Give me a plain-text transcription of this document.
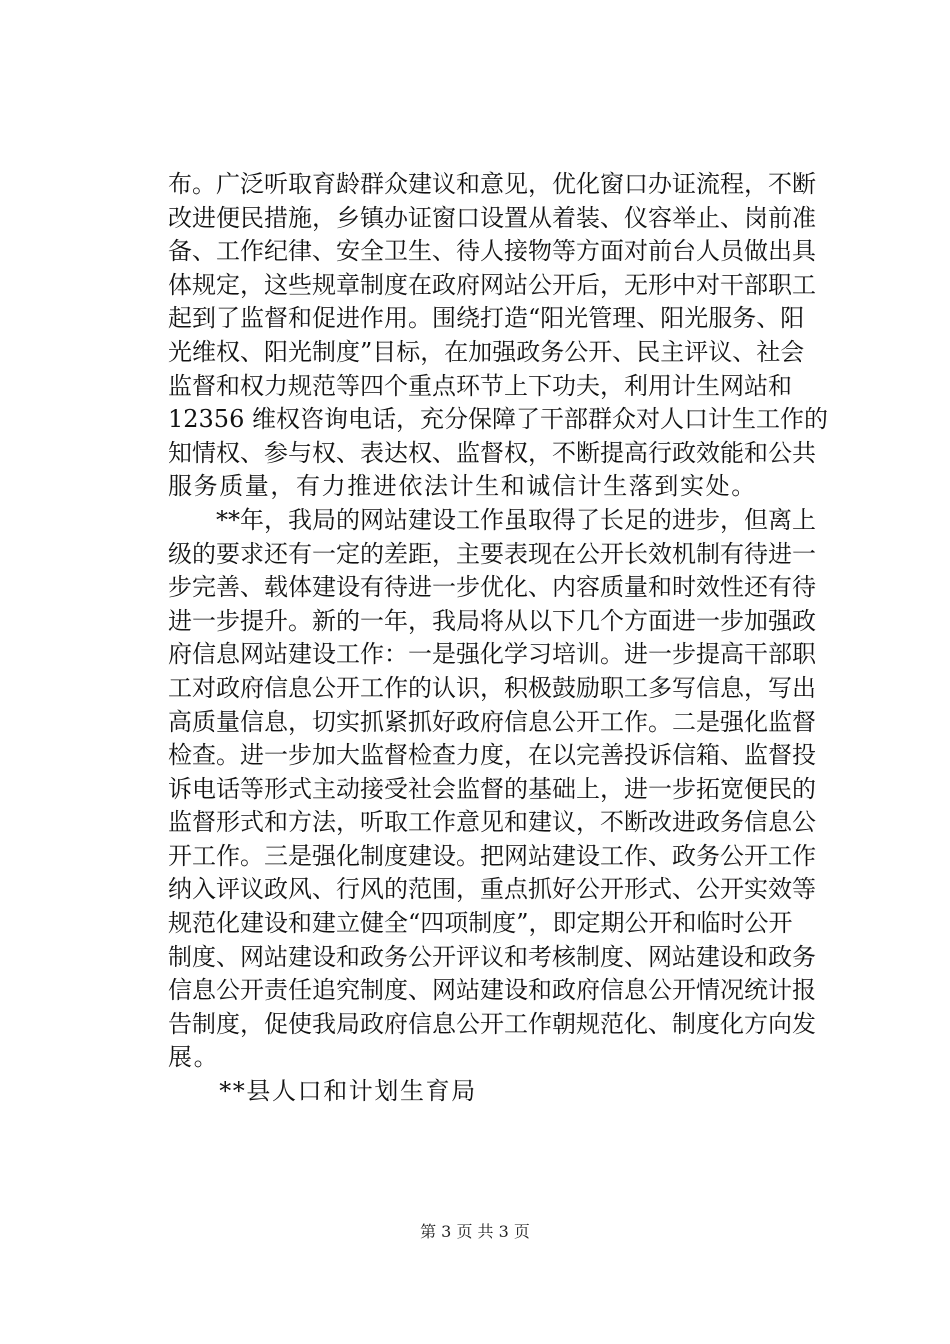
布。广泛听取育龄群众建议和意见，优化窗口办证流程，不断
改进便民措施，乡镇办证窗口设置从着装、仪容举止、岗前准
备、工作纪律、安全卫生、待人接物等方面对前台人员做出具
体规定，这些规章制度在政府网站公开后，无形中对干部职工
起到了监督和促进作用。围绕打造“阳光管理、阳光服务、阳
光维权、阳光制度”目标，在加强政务公开、民主评议、社会
监督和权力规范等四个重点环节上下功夫，利用计生网站和
12356 维权咨询电话，充分保障了干部群众对人口计生工作的
知情权、参与权、表达权、监督权，不断提高行政效能和公共
服务质量，有力推进依法计生和诚信计生落到实处。
　　**年，我局的网站建设工作虽取得了长足的进步，但离上
级的要求还有一定的差距，主要表现在公开长效机制有待进一
步完善、载体建设有待进一步优化、内容质量和时效性还有待
进一步提升。新的一年，我局将从以下几个方面进一步加强政
府信息网站建设工作：一是强化学习培训。进一步提高干部职
工对政府信息公开工作的认识，积极鼓励职工多写信息，写出
高质量信息，切实抓紧抓好政府信息公开工作。二是强化监督
检查。进一步加大监督检查力度，在以完善投诉信箱、监督投
诉电话等形式主动接受社会监督的基础上，进一步拓宽便民的
监督形式和方法，听取工作意见和建议，不断改进政务信息公
开工作。三是强化制度建设。把网站建设工作、政务公开工作
纳入评议政风、行风的范围，重点抓好公开形式、公开实效等
规范化建设和建立健全“四项制度”，即定期公开和临时公开
制度、网站建设和政务公开评议和考核制度、网站建设和政务
信息公开责任追究制度、网站建设和政府信息公开情况统计报
告制度，促使我局政府信息公开工作朝规范化、制度化方向发
展。
　　**县人口和计划生育局
第 3 页 共 3 页
